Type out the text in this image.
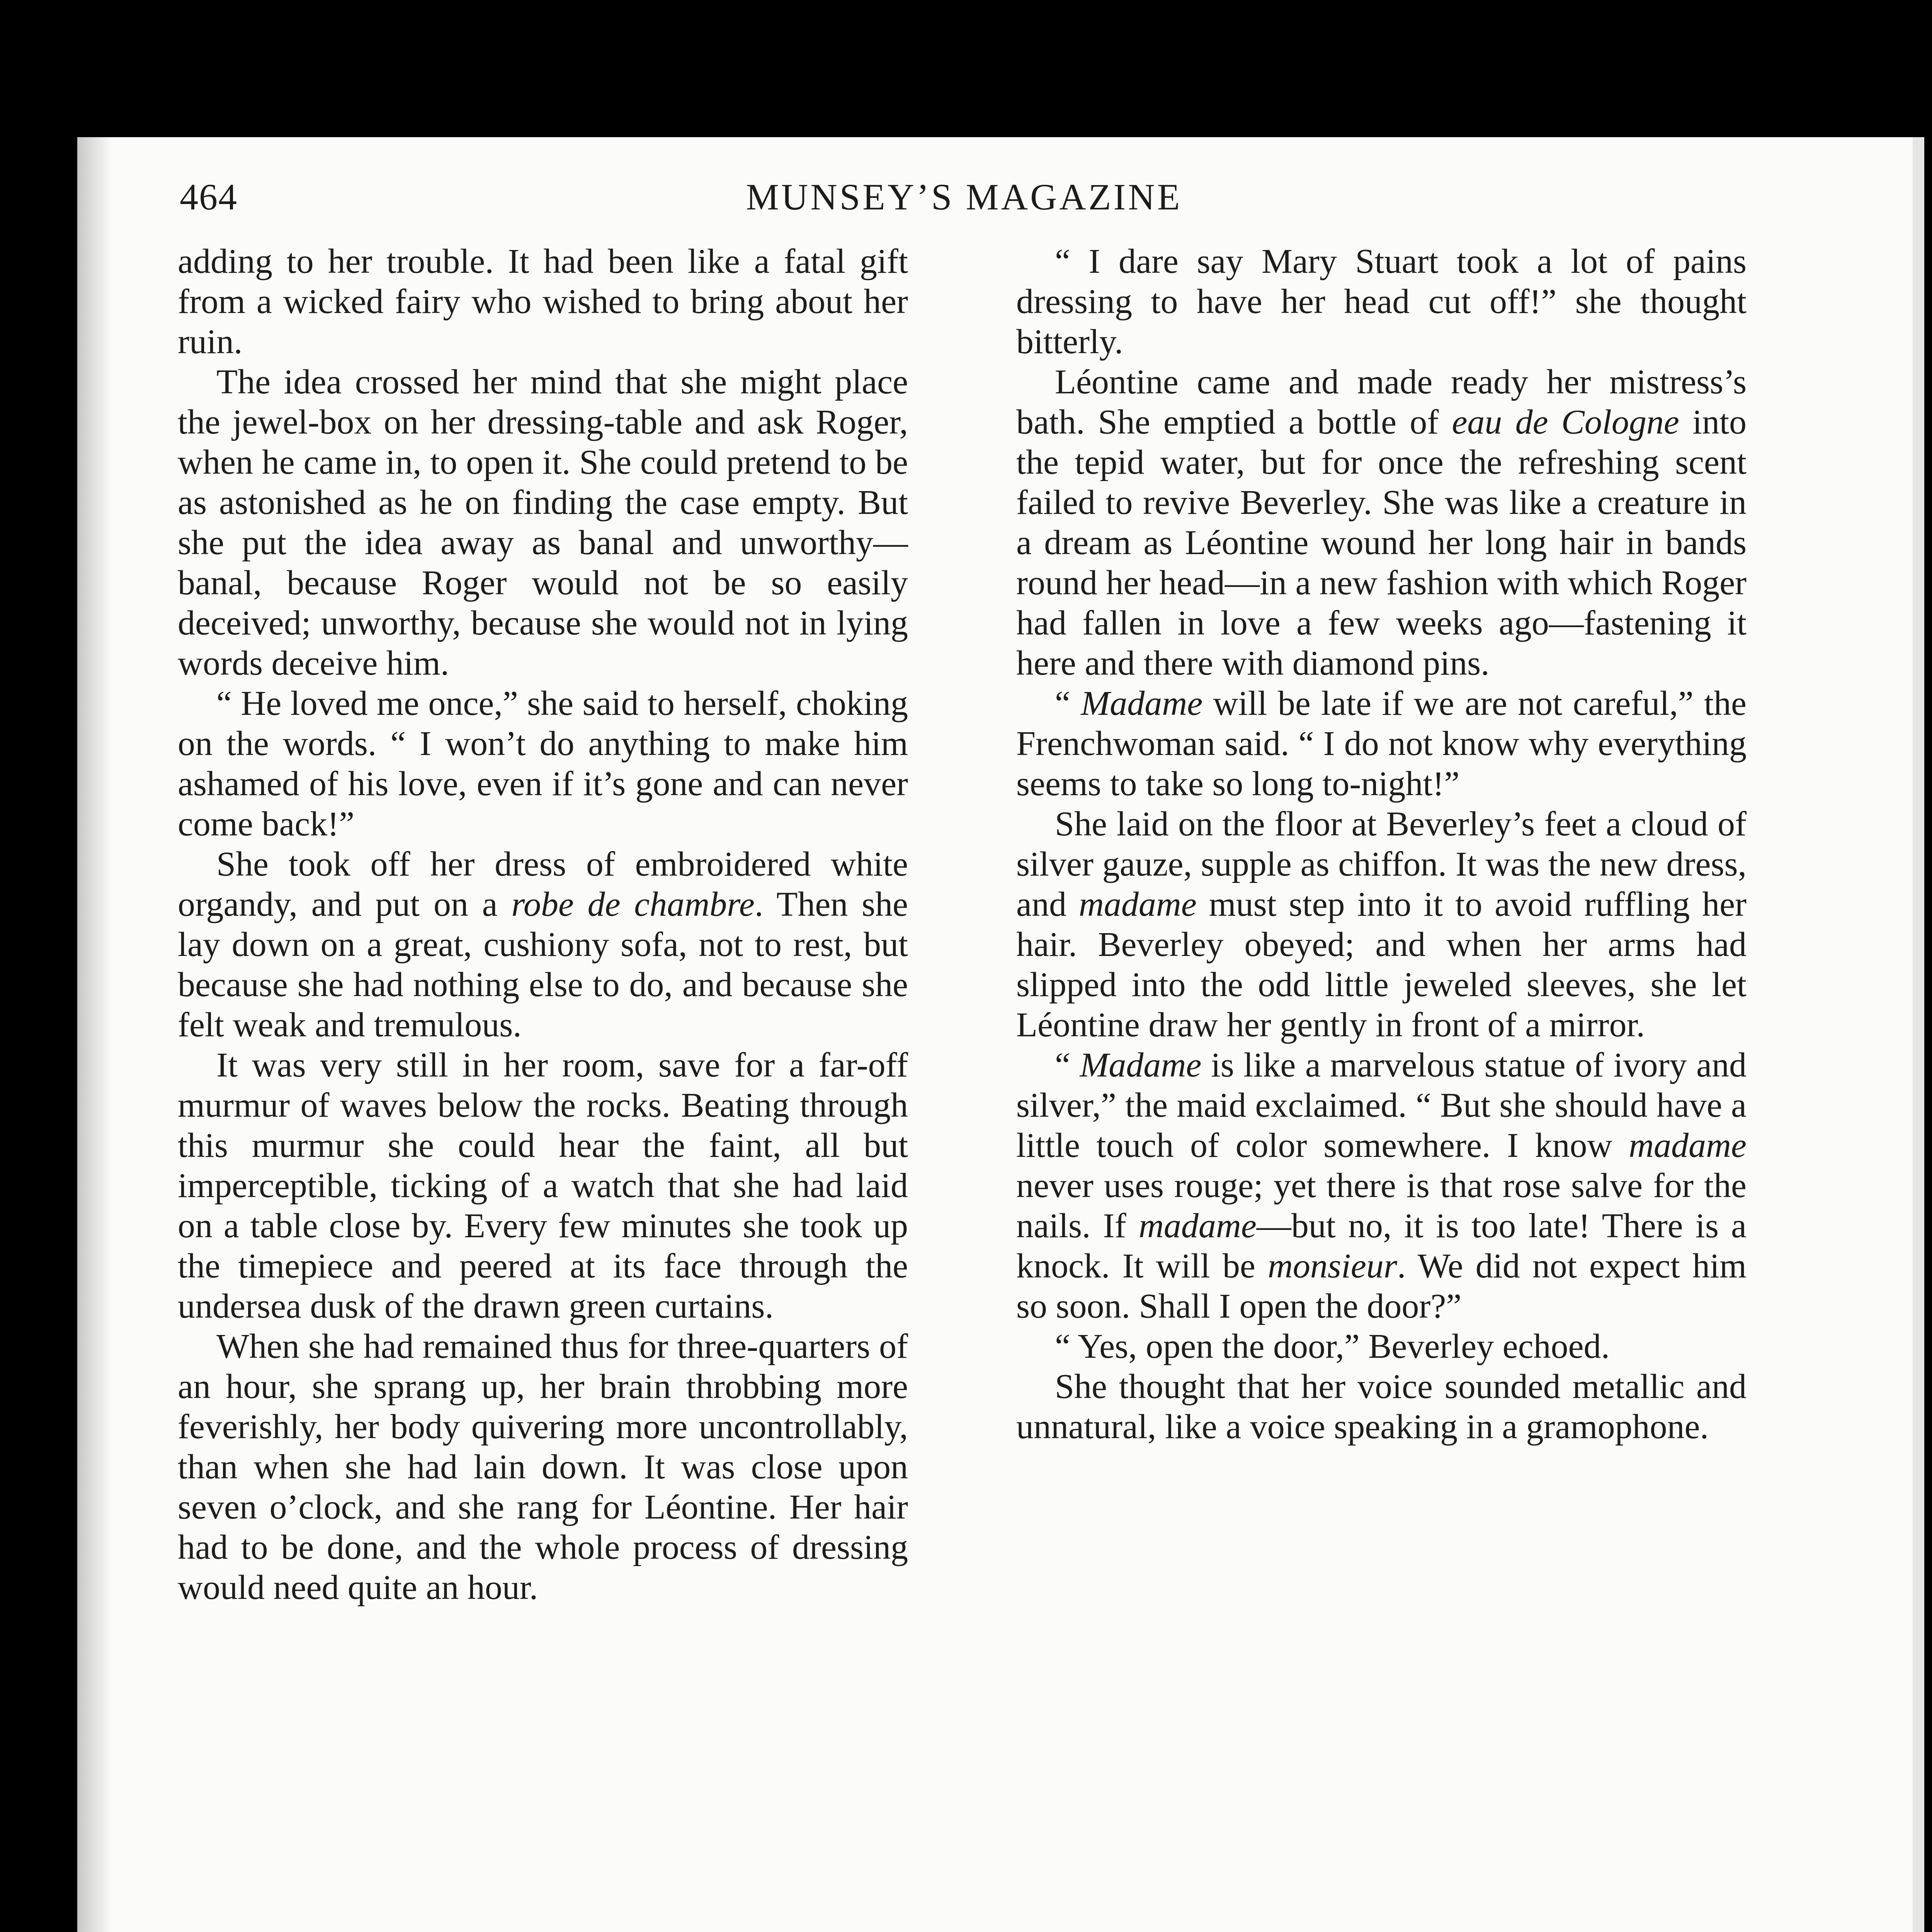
464	MUNSEY’S MAGAZINE

adding to her trouble. It had been like a fatal gift from a wicked fairy who wished to bring about her ruin.

The idea crossed her mind that she might place the jewel-box on her dressing-table and ask Roger, when he came in, to open it. She could pretend to be as astonished as he on finding the case empty. But she put the idea away as banal and unworthy—banal, because Roger would not be so easily deceived; unworthy, because she would not in lying words deceive him.

“ He loved me once,” she said to herself, choking on the words. “ I won’t do anything to make him ashamed of his love, even if it’s gone and can never come back!”

She took off her dress of embroidered white organdy, and put on a robe de chambre. Then she lay down on a great, cushiony sofa, not to rest, but because she had nothing else to do, and because she felt weak and tremulous.

It was very still in her room, save for a far-off murmur of waves below the rocks. Beating through this murmur she could hear the faint, all but imperceptible, ticking of a watch that she had laid on a table close by. Every few minutes she took up the timepiece and peered at its face through the undersea dusk of the drawn green curtains.

When she had remained thus for three-quarters of an hour, she sprang up, her brain throbbing more feverishly, her body quivering more uncontrollably, than when she had lain down. It was close upon seven o’clock, and she rang for Léontine. Her hair had to be done, and the whole process of dressing would need quite an hour.

“ I dare say Mary Stuart took a lot of pains dressing to have her head cut off!” she thought bitterly.

Léontine came and made ready her mistress’s bath. She emptied a bottle of eau de Cologne into the tepid water, but for once the refreshing scent failed to revive Beverley. She was like a creature in a dream as Léontine wound her long hair in bands round her head—in a new fashion with which Roger had fallen in love a few weeks ago—fastening it here and there with diamond pins.

“ Madame will be late if we are not careful,” the Frenchwoman said. “ I do not know why everything seems to take so long to-night!”

She laid on the floor at Beverley’s feet a cloud of silver gauze, supple as chiffon. It was the new dress, and madame must step into it to avoid ruffling her hair. Beverley obeyed; and when her arms had slipped into the odd little jeweled sleeves, she let Léontine draw her gently in front of a mirror.

“ Madame is like a marvelous statue of ivory and silver,” the maid exclaimed. “ But she should have a little touch of color somewhere. I know madame never uses rouge; yet there is that rose salve for the nails. If madame—but no, it is too late! There is a knock. It will be monsieur. We did not expect him so soon. Shall I open the door?”

“ Yes, open the door,” Beverley echoed.

She thought that her voice sounded metallic and unnatural, like a voice speaking in a gramophone.
